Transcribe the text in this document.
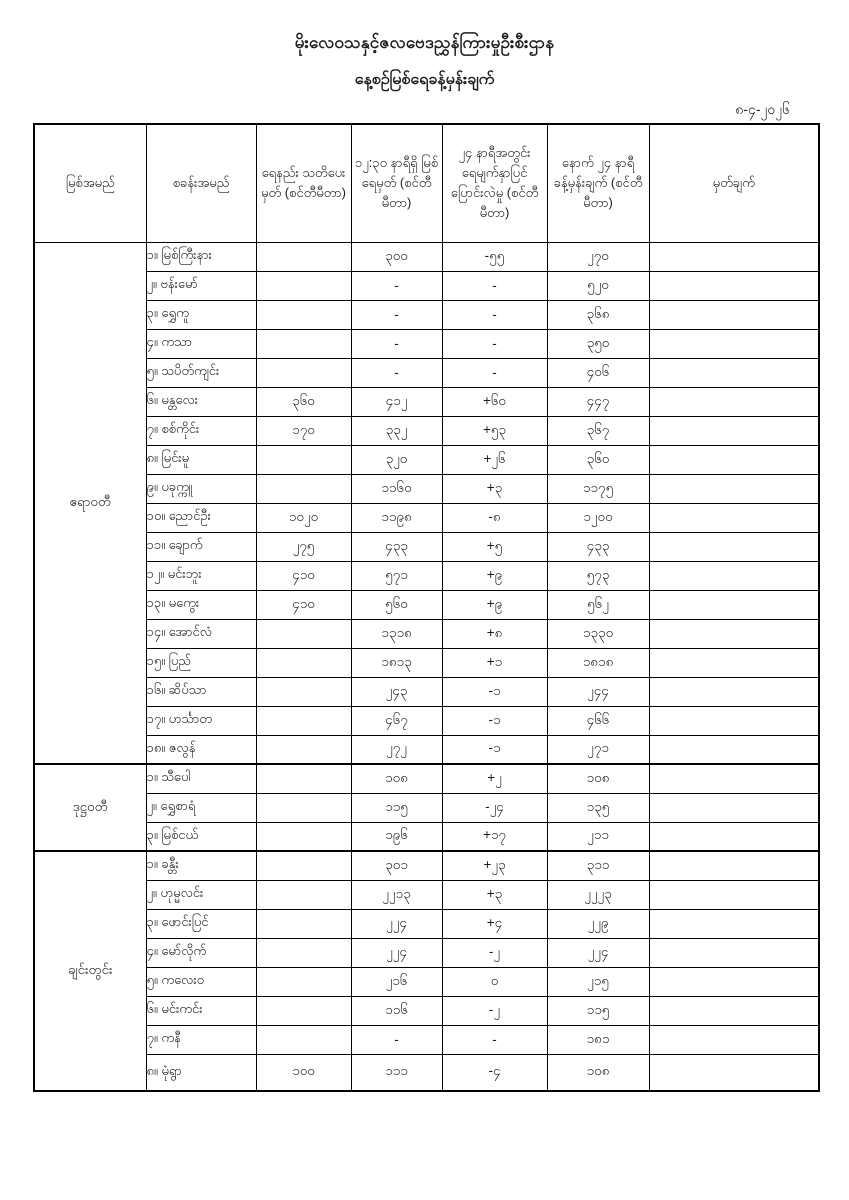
မိုးလေဝသနှင့်ဇလဗေဒညွှန်ကြားမှုဦးစီးဌာန
နေ့စဉ်မြစ်ရေခန့်မှန်းချက်
၈-၄-၂၀၂၆
မြစ်အမည်	စခန်းအမည်	ရေနည်း သတိပေးမှတ် (စင်တီမီတာ)	၁၂:၃၀ နာရီရှိ မြစ်ရေမှတ် (စင်တီမီတာ)	၂၄ နာရီအတွင်း ရေမျက်နှာပြင် ပြောင်းလဲမှု (စင်တီမီတာ)	နောက် ၂၄ နာရီ ခန့်မှန်းချက် (စင်တီမီတာ)	မှတ်ချက်
ဧရာဝတီ	၁။ မြစ်ကြီးနား		၃၀၀	-၅၅	၂၇၀	
	၂။ ဗန်းမော်		-	-	၅၂၀	
	၃။ ရွှေကူ		-	-	၃၆၈	
	၄။ ကသာ		-	-	၃၅၀	
	၅။ သပိတ်ကျင်း		-	-	၄၀၆	
	၆။ မန္တလေး	၃၆၀	၄၁၂	+၆၀	၄၄၇	
	၇။ စစ်ကိုင်း	၁၇၀	၃၃၂	+၅၃	၃၆၇	
	၈။ မြင်းမူ		၃၂၀	+၂၆	၃၆၀	
	၉။ ပခုက္ကူ		၁၁၆၀	+၃	၁၁၇၅	
	၁၀။ ညောင်ဦး	၁၀၂၀	၁၁၉၈	-၈	၁၂၀၀	
	၁၁။ ချောက်	၂၇၅	၄၃၃	+၅	၄၃၃	
	၁၂။ မင်းဘူး	၄၁၀	၅၇၁	+၉	၅၇၃	
	၁၃။ မကွေး	၄၁၀	၅၆၀	+၉	၅၆၂	
	၁၄။ အောင်လံ		၁၃၁၈	+၈	၁၃၃၀	
	၁၅။ ပြည်		၁၈၁၃	+၁	၁၈၁၈	
	၁၆။ ဆိပ်သာ		၂၄၃	-၁	၂၄၄	
	၁၇။ ဟင်္သာတ		၄၆၇	-၁	၄၆၆	
	၁၈။ ဇလွန်		၂၇၂	-၁	၂၇၁	
ဒုဋ္ဌဝတီ	၁။ သီပေါ		၁၀၈	+၂	၁၀၈	
	၂။ ရွှေစာရံ		၁၁၅	-၂၄	၁၃၅	
	၃။ မြစ်ငယ်		၁၉၆	+၁၇	၂၁၁	
ချင်းတွင်း	၁။ ခန္တီး		၃၀၁	+၂၃	၃၁၁	
	၂။ ဟုမ္မလင်း		၂၂၁၃	+၃	၂၂၂၃	
	၃။ ဖောင်းပြင်		၂၂၄	+၄	၂၂၉	
	၄။ မော်လိုက်		၂၂၄	-၂	၂၂၄	
	၅။ ကလေးဝ		၂၁၆	၀	၂၁၅	
	၆။ မင်းကင်း		၁၁၆	-၂	၁၁၅	
	၇။ ကနီ		-	-	၁၈၁	
	၈။ မုံရွာ	၁၀၀	၁၁၁	-၄	၁၀၈	
